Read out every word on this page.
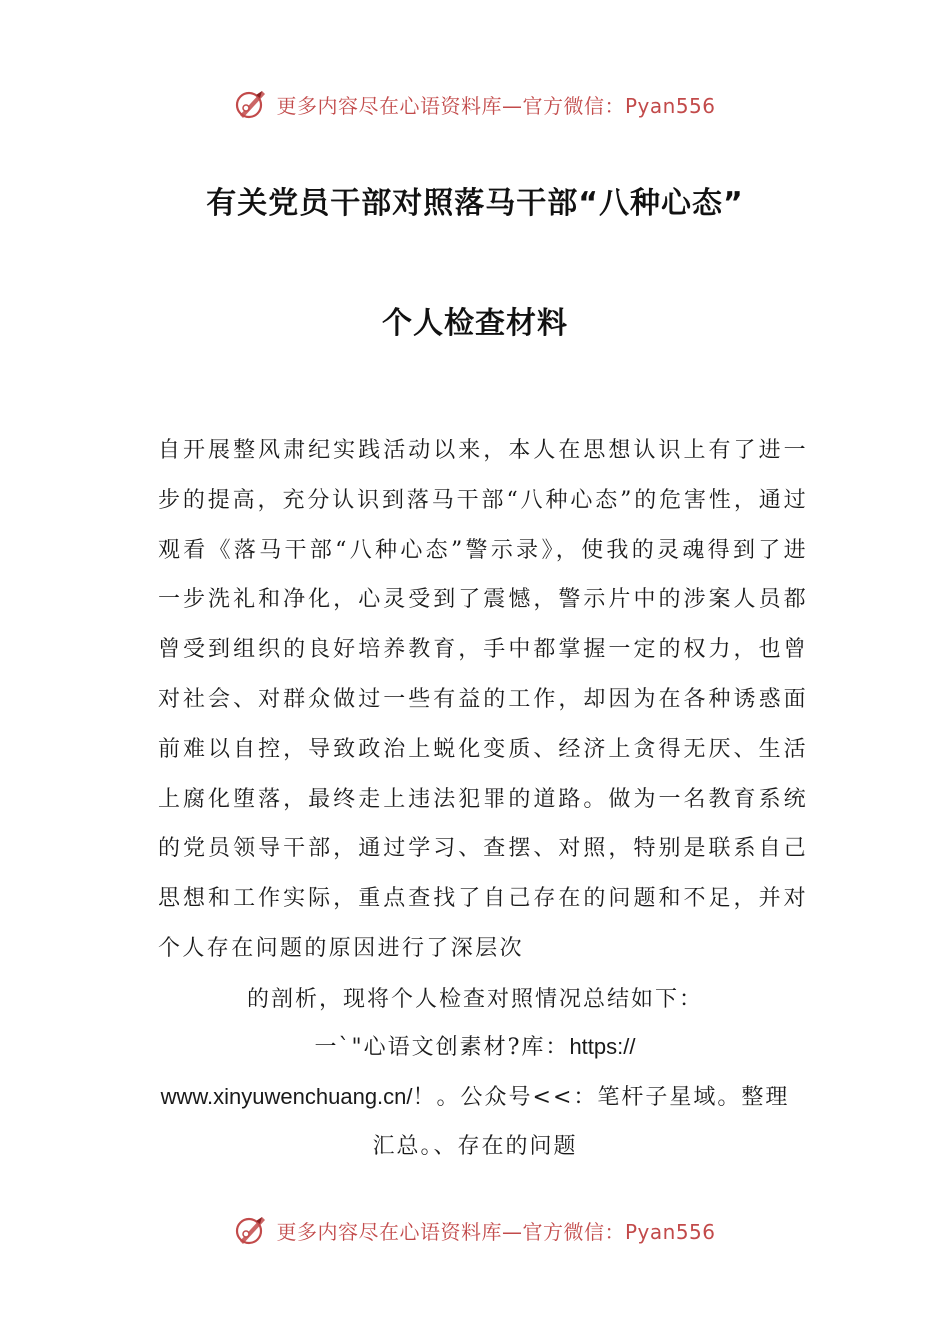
更多内容尽在心语资料库—官方微信：Pyan556
有关党员干部对照落马干部“八种心态”
个人检查材料

自开展整风肃纪实践活动以来，本人在思想认识上有了进一步的提高，充分认识到落马干部“八种心态”的危害性，通过观看《落马干部“八种心态”警示录》，使我的灵魂得到了进一步洗礼和净化，心灵受到了震憾，警示片中的涉案人员都曾受到组织的良好培养教育，手中都掌握一定的权力，也曾对社会、对群众做过一些有益的工作，却因为在各种诱惑面前难以自控，导致政治上蜕化变质、经济上贪得无厌、生活上腐化堕落，最终走上违法犯罪的道路。做为一名教育系统的党员领导干部，通过学习、查摆、对照，特别是联系自己思想和工作实际，重点查找了自己存在的问题和不足，并对个人存在问题的原因进行了深层次

的剖析，现将个人检查对照情况总结如下：
一`"心语文创素材?库：https://
www.xinyuwenchuang.cn/！。公众号<<：笔杆子星域。整理
汇总。、存在的问题
更多内容尽在心语资料库—官方微信：Pyan556
